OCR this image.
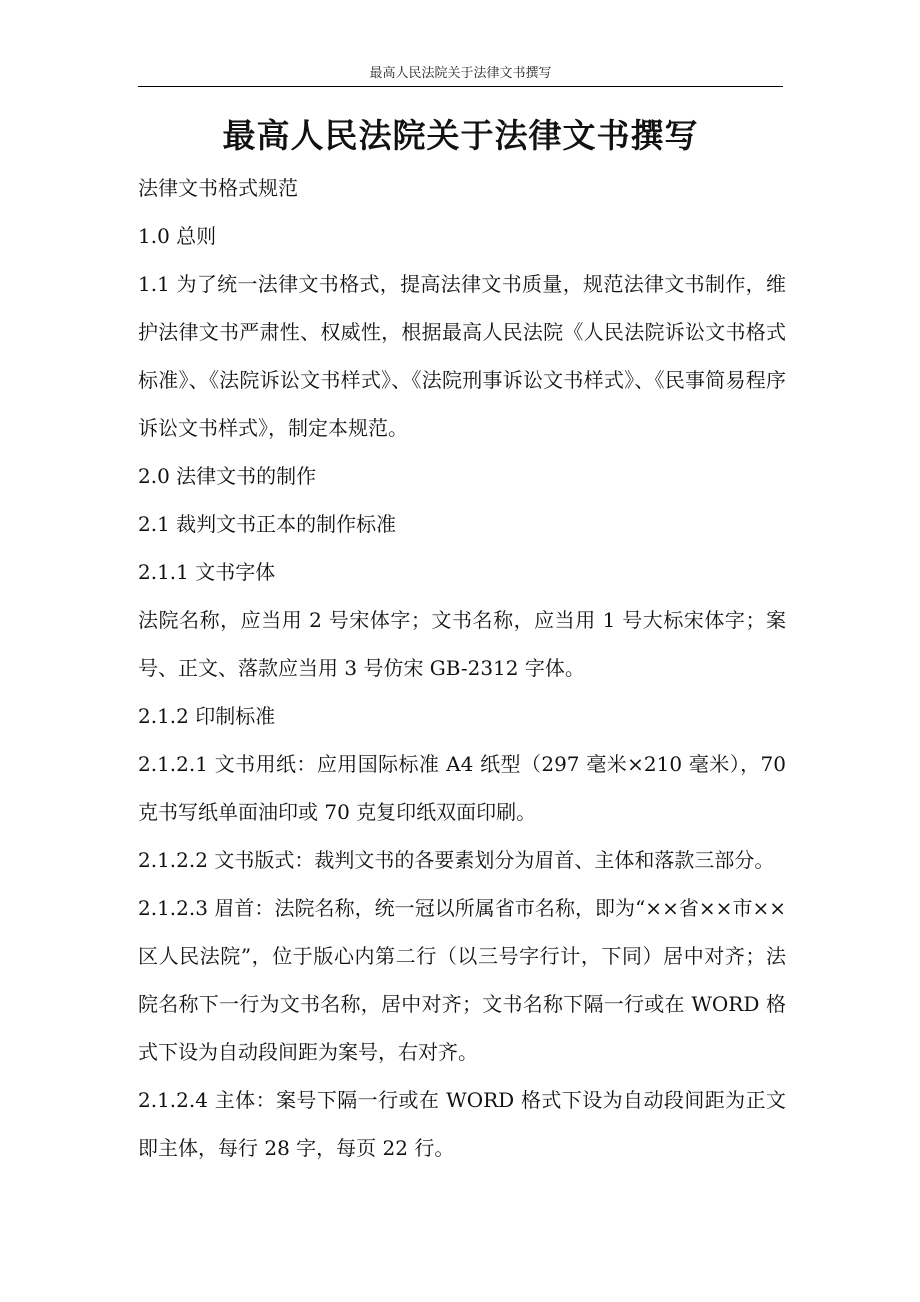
最高人民法院关于法律文书撰写
最高人民法院关于法律文书撰写

法律文书格式规范

1.0 总则

1.1 为了统一法律文书格式，提高法律文书质量，规范法律文书制作，维护法律文书严肃性、权威性，根据最高人民法院《人民法院诉讼文书格式标准》、《法院诉讼文书样式》、《法院刑事诉讼文书样式》、《民事简易程序诉讼文书样式》，制定本规范。

2.0 法律文书的制作

2.1 裁判文书正本的制作标准

2.1.1 文书字体

法院名称，应当用 2 号宋体字；文书名称，应当用 1 号大标宋体字；案号、正文、落款应当用 3 号仿宋 GB-2312 字体。

2.1.2 印制标准

2.1.2.1 文书用纸：应用国际标准 A4 纸型（297 毫米×210 毫米），70 克书写纸单面油印或 70 克复印纸双面印刷。

2.1.2.2 文书版式：裁判文书的各要素划分为眉首、主体和落款三部分。

2.1.2.3 眉首：法院名称，统一冠以所属省市名称，即为“××省××市××区人民法院”，位于版心内第二行（以三号字行计，下同）居中对齐；法院名称下一行为文书名称，居中对齐；文书名称下隔一行或在 WORD 格式下设为自动段间距为案号，右对齐。

2.1.2.4 主体：案号下隔一行或在 WORD 格式下设为自动段间距为正文即主体，每行 28 字，每页 22 行。
